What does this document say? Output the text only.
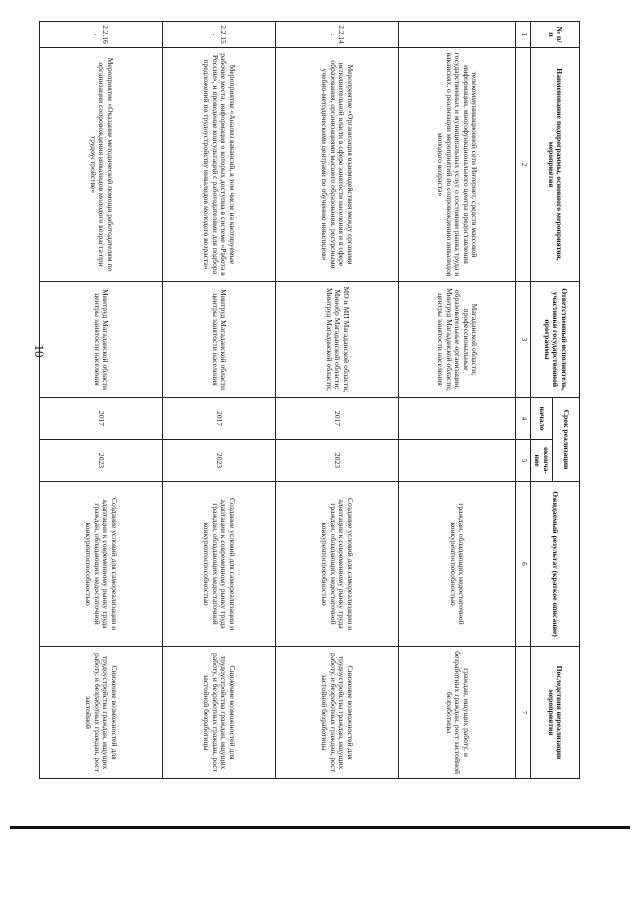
10
№ п/п	Наименование подпрограммы, основного мероприятия, мероприятия	Ответственный исполнитель, участники государственной программы	Срок реализации		Ожидаемый результат (краткое описание)	Последствия нереализации мероприятия
			начало	оконча-ние		
1	2	3	4	5	6	7
	телекоммуникационной сети Интернет, средств массовой информации, многофункционального центра предоставления государственных и муниципальных услуг о состоянии рынка труда и вакансиях, о реализации мероприятий по сопровождению инвалидов молодого возраста»	Магаданской области; профессиональные образовательные организации; Минтруд Магаданской области; центры занятости населения			граждан, обладающих недостаточной конкурентоспособностью	граждан, ищущих работу, и безработных граждан, рост застойной безработицы
2.2.14.	Мероприятие «Организация взаимодействия между органами исполнительной власти в сфере занятости населения и в сфере образования, организациями высшего образования, ресурсными учебно-методическими центрами по обучению инвалидов»	МО и МП Магаданской области; Минобр Магаданской области; Минтруд Магаданской области;	2017	2023	Создание условий для самореализации и адаптации к современному рынку труда граждан, обладающих недостаточной конкурентоспособностью	Снижение возможностей для трудоустройства граждан, ищущих работу, и безработных граждан, рост застойной безработицы
2.2.15.	Мероприятие «Анализ вакансий, в том числе на квотируемые рабочие места, информация о которых доступна в системе «Работа в России», и проведение консультаций с работодателями для подбора предложений по трудоустройству инвалидов молодого возраста»	Минтруд Магаданской области центры занятости населения	2017	2023	Создание условий для самореализации и адаптации к современному рынку труда граждан, обладающих недостаточной конкурентоспособностью	Снижение возможностей для трудоустройства граждан, ищущих работу, и безработных граждан, рост застойной безработицы
2.2.16.	Мероприятие «Оказание методической помощи работодателям по организации сопровождения инвалидов молодого возраста при трудоустройстве»	Минтруд Магаданской области центры занятости населения	2017	2023	Создание условий для самореализации и адаптации к современному рынку труда граждан, обладающих недостаточной конкурентоспособностью	Снижение возможностей для трудоустройства граждан, ищущих работу, и безработных граждан, рост застойной
